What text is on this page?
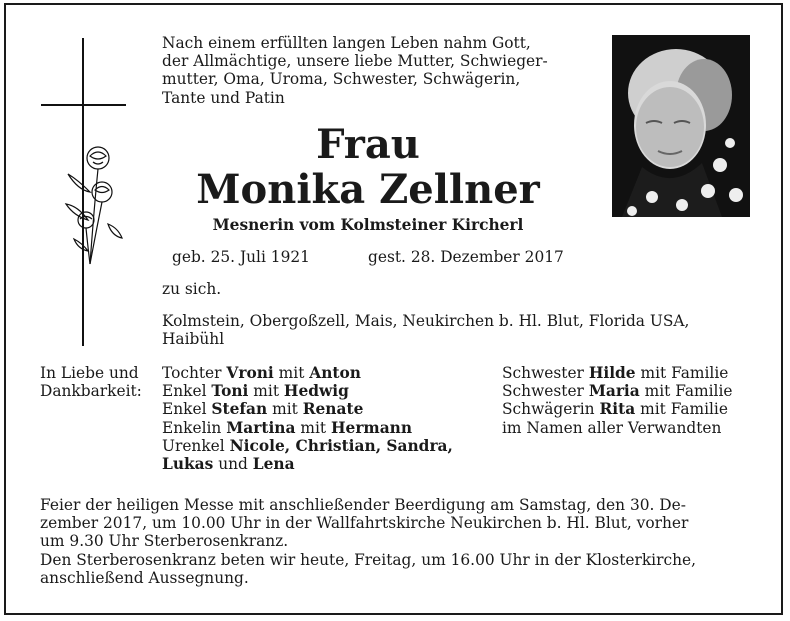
Nach einem erfüllten langen Leben nahm Gott,
der Allmächtige, unsere liebe Mutter, Schwieger-
mutter, Oma, Uroma, Schwester, Schwägerin,
Tante und Patin
Frau
Monika Zellner
Mesnerin vom Kolmsteiner Kircherl
geb. 25. Juli 1921	gest. 28. Dezember 2017
zu sich.
Kolmstein, Obergoßzell, Mais, Neukirchen b. Hl. Blut, Florida USA,
Haibühl
In Liebe und
Dankbarkeit:
Tochter Vroni mit Anton
Enkel Toni mit Hedwig
Enkel Stefan mit Renate
Enkelin Martina mit Hermann
Urenkel Nicole, Christian, Sandra,
Lukas und Lena
Schwester Hilde mit Familie
Schwester Maria mit Familie
Schwägerin Rita mit Familie
im Namen aller Verwandten
Feier der heiligen Messe mit anschließender Beerdigung am Samstag, den 30. De-
zember 2017, um 10.00 Uhr in der Wallfahrtskirche Neukirchen b. Hl. Blut, vorher
um 9.30 Uhr Sterberosenkranz.
Den Sterberosenkranz beten wir heute, Freitag, um 16.00 Uhr in der Klosterkirche,
anschließend Aussegnung.
